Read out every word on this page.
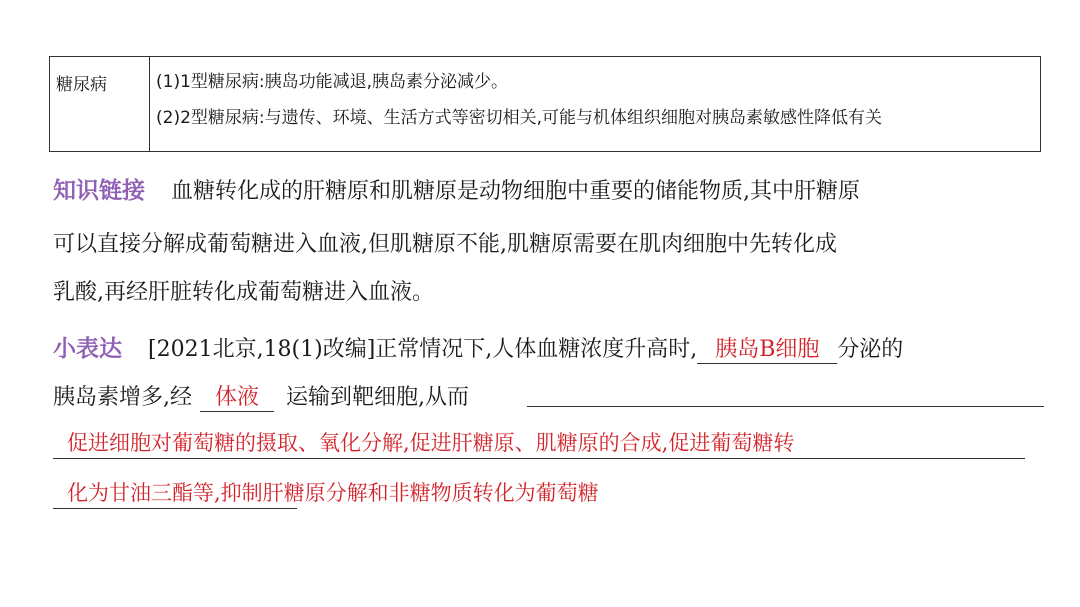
糖尿病	(1)1型糖尿病:胰岛功能减退,胰岛素分泌减少。
(2)2型糖尿病:与遗传、环境、生活方式等密切相关,可能与机体组织细胞对胰岛素敏感性降低有关
知识链接 血糖转化成的肝糖原和肌糖原是动物细胞中重要的储能物质,其中肝糖原
可以直接分解成葡萄糖进入血液,但肌糖原不能,肌糖原需要在肌肉细胞中先转化成
乳酸,再经肝脏转化成葡萄糖进入血液。
小表达 [2021北京,18(1)改编]正常情况下,人体血糖浓度升高时, 胰岛B细胞 分泌的
胰岛素增多,经 体液 运输到靶细胞,从而
促进细胞对葡萄糖的摄取、氧化分解,促进肝糖原、肌糖原的合成,促进葡萄糖转
化为甘油三酯等,抑制肝糖原分解和非糖物质转化为葡萄糖
